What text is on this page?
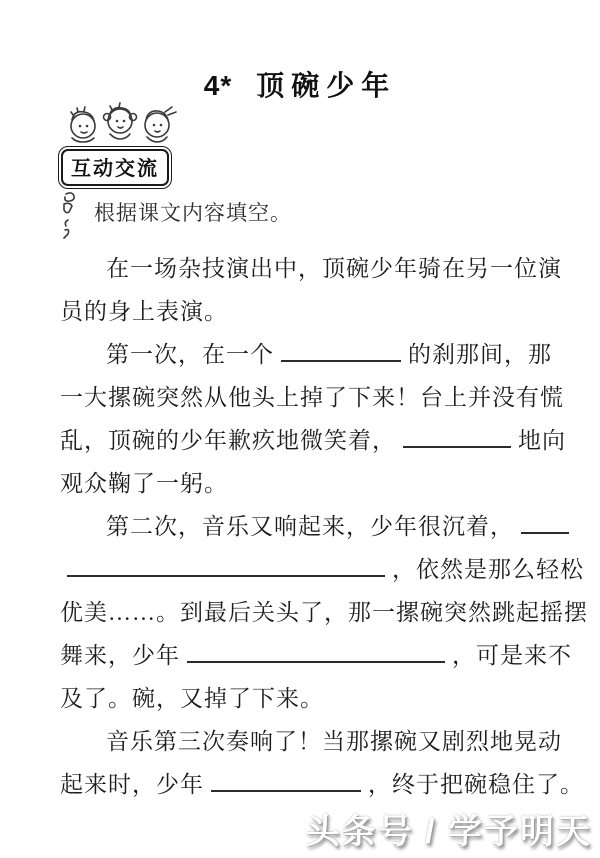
4* 顶碗少年
互动交流
根据课文内容填空。
在一场杂技演出中，顶碗少年骑在另一位演
员的身上表演。
第一次，在一个	的刹那间，那
一大摞碗突然从他头上掉了下来！台上并没有慌
乱，顶碗的少年歉疚地微笑着，	地向
观众鞠了一躬。
第二次，音乐又响起来，少年很沉着，
，依然是那么轻松
优美……。到最后关头了，那一摞碗突然跳起摇摆
舞来，少年	，可是来不
及了。碗，又掉了下来。
音乐第三次奏响了！当那摞碗又剧烈地晃动
起来时，少年	，终于把碗稳住了。
头条号 / 学予明天
